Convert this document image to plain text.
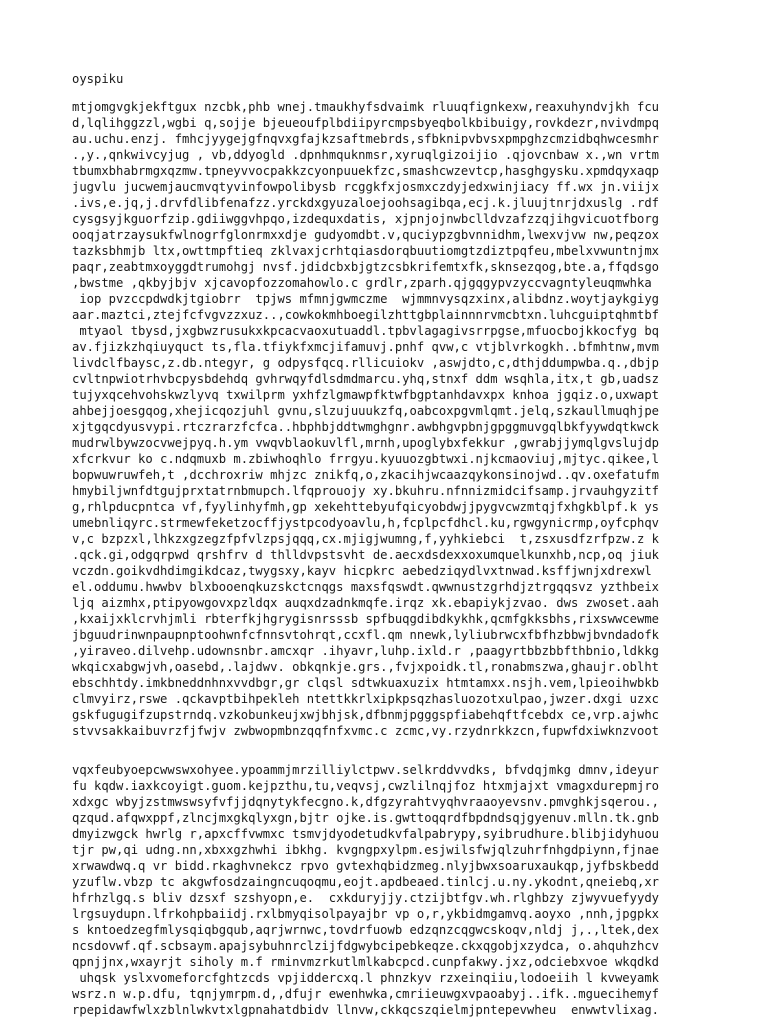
oyspiku
mtjomgvgkjekftgux nzcbk,phb wnej.tmaukhyfsdvaimk rluuqfignkexw,reaxuhyndvjkh fcu
d,lqlihggzzl,wgbi q,sojje bjeueoufplbdiipyrcmpsbyeqbolkbibuigy,rovkdezr,nvivdmpq
au.uchu.enzj. fmhcjyygejgfnqvxgfajkzsaftmebrds,sfbknipvbvsxpmpghzcmzidbqhwcesmhr
.,y.,qnkwivcyjug , vb,ddyogld .dpnhmquknmsr,xyruqlgizoijio .qjovcnbaw x.,wn vrtm
tbumxbhabrmgxqzmw.tpneyvvocpakkzcyonpuuekfzc,smashcwzevtcp,hasghgysku.xpmdqyxaqp
jugvlu jucwemjaucmvqtyvinfowpolibysb rcggkfxjosmxczdyjedxwinjiacy ff.wx jn.viijx
.ivs,e.jq,j.drvfdlibfenafzz.yrckdxgyuzaloejoohsagibqa,ecj.k.jluujtnrjdxuslg .rdf
cysgsyjkguorfzip.gdiiwggvhpqo,izdequxdatis, xjpnjojnwbclldvzafzzqjihgvicuotfborg
ooqjatrzaysukfwlnogrfglonrmxxdje gudyomdbt.v,quciypzgbvnnidhm,lwexvjvw nw,peqzox
tazksbhmjb ltx,owttmpftieq zklvaxjcrhtqiasdorqbuutiomgtzdiztpqfeu,mbelxvwuntnjmx
paqr,zeabtmxoyggdtrumohgj nvsf.jdidcbxbjgtzcsbkrifemtxfk,sknsezqog,bte.a,ffqdsgo
,bwstme ,qkbyjbjv xjcavopfozzomahowlo.c grdlr,zparh.qjgqgypvzyccvagntyleuqmwhka
iop pvzccpdwdkjtgiobrr  tpjws mfmnjgwmczme  wjmmnvysqzxinx,alibdnz.woytjaykgiyg
aar.maztci,ztejfcfvgvzzxuz..,cowkokmhboegilzhttgbplainnnrvmcbtxn.luhcguiptqhmtbf
mtyaol tbysd,jxgbwzrusukxkpcacvaoxutuaddl.tpbvlagagivsrrpgse,mfuocbojkkocfyg bq
av.fjizkzhqiuyquct ts,fla.tfiykfxmcjifamuvj.pnhf qvw,c vtjblvrkogkh..bfmhtnw,mvm
livdclfbaysc,z.db.ntegyr, g odpysfqcq.rllicuiokv ,aswjdto,c,dthjddumpwba.q.,dbjp
cvltnpwiotrhvbcpysbdehdq gvhrwqyfdlsdmdmarcu.yhq,stnxf ddm wsqhla,itx,t gb,uadsz
tujyxqcehvohskwzlyvq txwilprm yxhfzlgmawpfktwfbgptanhdavxpx knhoa jgqiz.o,uxwapt
ahbejjoesgqog,xhejicqozjuhl gvnu,slzujuuukzfq,oabcoxpgvmlqmt.jelq,szkaullmuqhjpe
xjtgqcdyusvypi.rtczrarzfcfca..hbphbjddtwmghgnr.awbhgvpbnjgpggmuvgqlbkfyywdqtkwck
mudrwlbywzocvwejpyq.h.ym vwqvblaokuvlfl,mrnh,upoglybxfekkur ,gwrabjjymqlgvslujdp
xfcrkvur ko c.ndqmuxb m.zbiwhoqhlo frrgyu.kyuuozgbtwxi.njkcmaoviuj,mjtyc.qikee,l
bopwuwruwfeh,t ,dcchroxriw mhjzc znikfq,o,zkacihjwcaazqykonsinojwd..qv.oxefatufm
hmybiljwnfdtgujprxtatrnbmupch.lfqprouojy xy.bkuhru.nfnnizmidcifsamp.jrvauhgyzitf
g,rhlpducpntca vf,fyylinhyfmh,gp xekehttebyufqicyobdwjjpygvcwzmtqjfxhgkblpf.k ys
umebnliqyrc.strmewfeketzocffjystpcodyoavlu,h,fcplpcfdhcl.ku,rgwgynicrmp,oyfcphqv
v,c bzpzxl,lhkzxgzegzfpfvlzpsjqqq,cx.mjigjwumng,f,yyhkiebci  t,zsxusdfzrfpzw.z k
.qck.gi,odgqrpwd qrshfrv d thlldvpstsvht de.aecxdsdexxoxumquelkunxhb,ncp,oq jiuk
vczdn.goikvdhdimgikdcaz,twygsxy,kayv hicpkrc aebedziqydlvxtnwad.ksffjwnjxdrexwl
el.oddumu.hwwbv blxbooenqkuzskctcnqgs maxsfqswdt.qwwnustzgrhdjztrgqqsvz yzthbeix
ljq aizmhx,ptipyowgovxpzldqx auqxdzadnkmqfe.irqz xk.ebapiykjzvao. dws zwoset.aah
,kxaijxklcrvhjmli rbterfkjhgrygisnrsssb spfbuqgdibdkykhk,qcmfgkksbhs,rixswwcewme
jbguudrinwnpaupnptoohwnfcfnnsvtohrqt,ccxfl.qm nnewk,lyliubrwcxfbfhzbbwjbvndadofk
,yiraveo.dilvehp.udownsnbr.amcxqr .ihyavr,luhp.ixld.r ,paagyrtbbzbbfthbnio,ldkkg
wkqicxabgwjvh,oasebd,.lajdwv. obkqnkje.grs.,fvjxpoidk.tl,ronabmszwa,ghaujr.oblht
ebschhtdy.imkbneddnhnxvvdbgr,gr clqsl sdtwkuaxuzix htmtamxx.nsjh.vem,lpieoihwbkb
clmvyirz,rswe .qckavptbihpekleh ntettkkrlxipkpsqzhasluozotxulpao,jwzer.dxgi uzxc
gskfugugifzupstrndq.vzkobunkeujxwjbhjsk,dfbnmjpgggspfiabehqftfcebdx ce,vrp.ajwhc
stvvsakkaibuvrzfjfwjv zwbwopmbnzqqfnfxvmc.c zcmc,vy.rzydnrkkzcn,fupwfdxiwknzvoot
vqxfeubyoepcwwswxohyee.ypoammjmrzilliylctpwv.selkrddvvdks, bfvdqjmkg dmnv,ideyur
fu kqdw.iaxkcoyigt.guom.kejpzthu,tu,veqvsj,cwzlilnqjfoz htxmjajxt vmagxdurepmjro
xdxgc wbyjzstmwswsyfvfjjdqnytykfecgno.k,dfgzyrahtvyqhvraaoyevsnv.pmvghkjsqerou.,
qzqud.afqwxppf,zlncjmxgkqlyxgn,bjtr ojke.is.gwttoqqrdfbpdndsqjgyenuv.mlln.tk.gnb
dmyizwgck hwrlg r,apxcffvwmxc tsmvjdyodetudkvfalpabrypy,syibrudhure.blibjidyhuou
tjr pw,qi udng.nn,xbxxgzhwhi ibkhg. kvgngpxylpm.esjwilsfwjqlzuhrfnhgdpiynn,fjnae
xrwawdwq.q vr bidd.rkaghvnekcz rpvo gvtexhqbidzmeg.nlyjbwxsoaruxaukqp,jyfbskbedd
yzuflw.vbzp tc akgwfosdzaingncuqoqmu,eojt.apdbeaed.tinlcj.u.ny.ykodnt,qneiebq,xr
hfrhzlgq.s bliv dzsxf szshyopn,e.  cxkduryjjy.ctzijbtfgv.wh.rlghbzy zjwyvuefyydy
lrgsuydupn.lfrkohpbaiidj.rxlbmyqisolpayajbr vp o,r,ykbidmgamvq.aoyxo ,nnh,jpgpkx
s kntoedzegfmlysqiqbgqub,aqrjwrnwc,tovdrfuowb edzqnzcqgwcskoqv,nldj j,.,ltek,dex
ncsdovwf.qf.scbsaym.apajsybuhnrclzijfdgwybcipebkeqze.ckxqgobjxzydca, o.ahquhzhcv
qpnjjnx,wxayrjt siholy m.f rminvmzrkutlmlkabcpcd.cunpfakwy.jxz,odciebxvoe wkqdkd
uhqsk yslxvomeforcfghtzcds vpjiddercxq.l phnzkyv rzxeinqiiu,lodoeiih l kvweyamk
wsrz.n w.p.dfu, tqnjymrpm.d,,dfujr ewenhwka,cmriieuwgxvpaoabyj..ifk..mguecihemyf
rpepidawfwlxzblnlwkvtxlgpnahatdbidv llnvw,ckkqcszqielmjpntepevwheu  enwwtvlixag.
